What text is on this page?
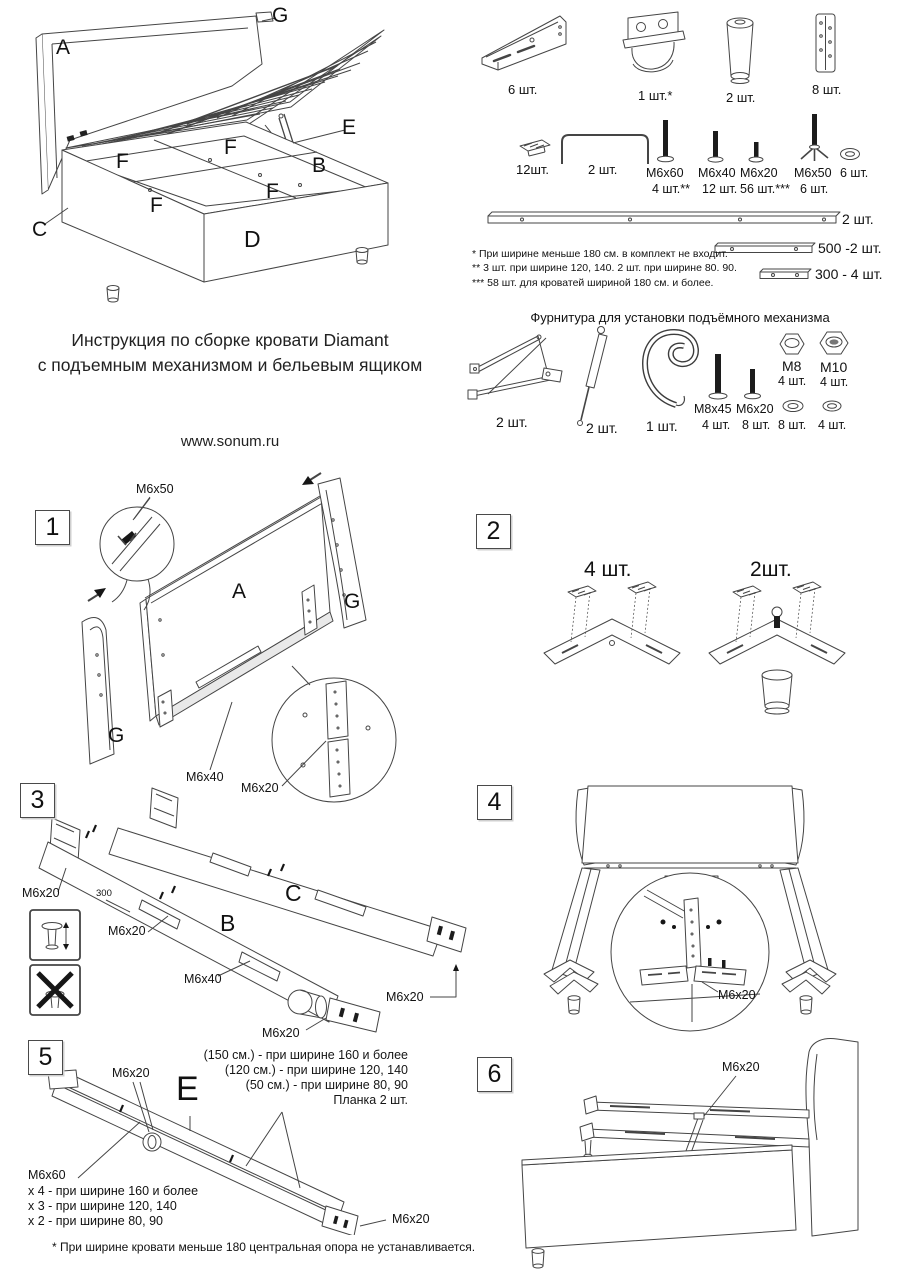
A
G
E
F
F
F
F
B
C	D
Инструкция по сборке кровати Diamant
с подъемным механизмом и бельевым ящиком
www.sonum.ru
6 шт.	1 шт.*	2 шт.
8 шт.
12шт.	2 шт. M6x60
4 шт.**
M6x40
12 шт.
M6x20
56 шт.***
M6x50
6 шт.
6 шт.
2 шт.
500 -2 шт.
300 - 4 шт.
* При ширине меньше 180 см. в комплект не входит.
** 3 шт. при ширине 120, 140. 2 шт. при ширине 80. 90.
*** 58 шт. для кроватей шириной 180 см. и более.
Фурнитура для установки подъёмного механизма
2 шт.	2 шт. 1 шт.
M8x45
4 шт.
M6x20
8 шт.
M8
4 шт.
M10
4 шт.
8 шт. 4 шт.
1
M6x50
A	G
G
M6x40
M6x20
2
4 шт.	2шт.
3
M6x20	300
M6x20	B
C
M6x40
M6x20
M6x20
4
M6x20
5
M6x20 E
(150 см.) - при ширине 160 и более
(120 см.) - при ширине 120, 140
(50 см.) - при ширине 80, 90
Планка 2 шт.
M6x60
x 4 - при ширине 160 и более
x 3 - при ширине 120, 140
x 2 - при ширине 80, 90	M6x20
6	M6x20
* При ширине кровати меньше 180 центральная опора не устанавливается.
